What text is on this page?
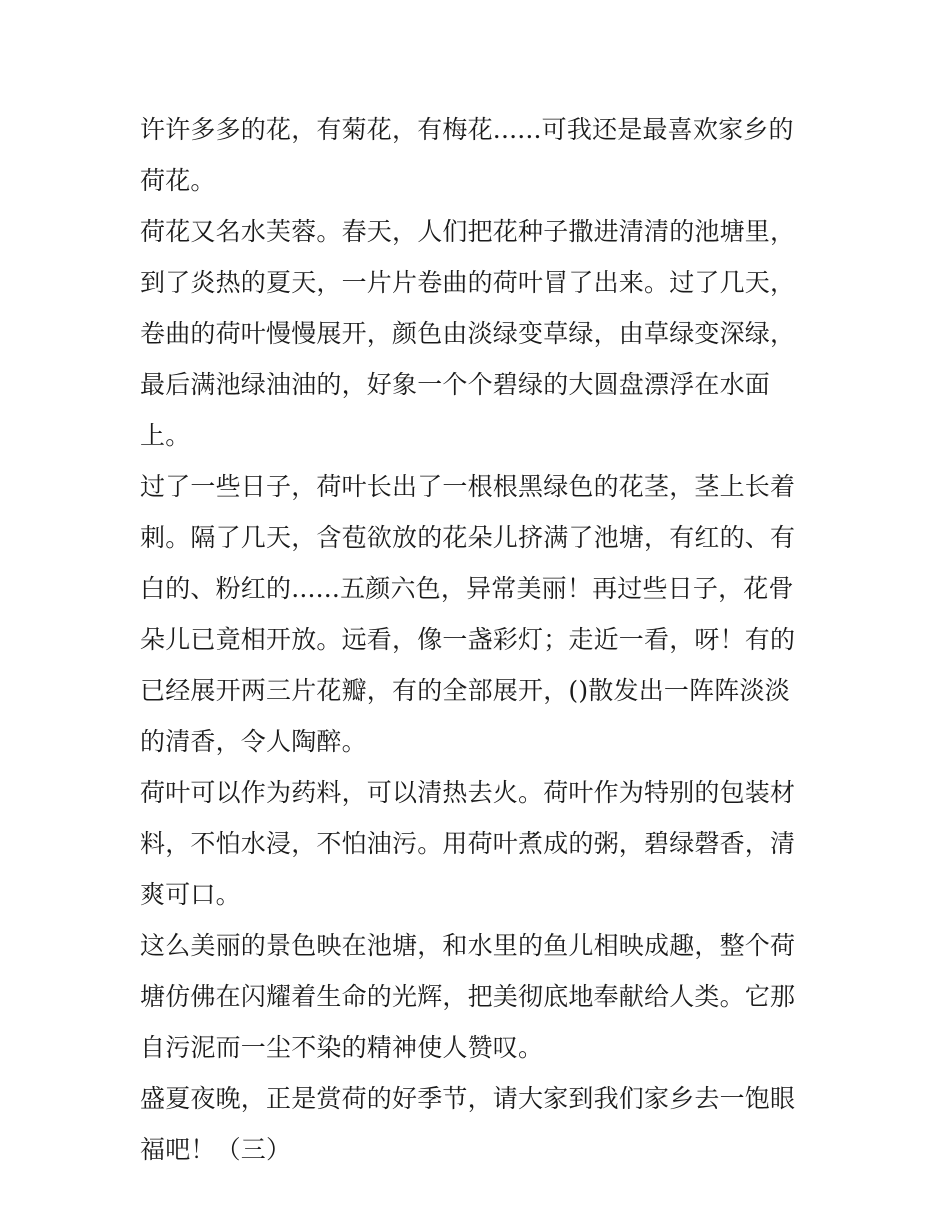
许许多多的花，有菊花，有梅花......可我还是最喜欢家乡的荷花。

荷花又名水芙蓉。春天，人们把花种子撒进清清的池塘里，到了炎热的夏天，一片片卷曲的荷叶冒了出来。过了几天，卷曲的荷叶慢慢展开，颜色由淡绿变草绿，由草绿变深绿，最后满池绿油油的，好象一个个碧绿的大圆盘漂浮在水面上。

过了一些日子，荷叶长出了一根根黑绿色的花茎，茎上长着刺。隔了几天，含苞欲放的花朵儿挤满了池塘，有红的、有白的、粉红的......五颜六色，异常美丽！再过些日子，花骨朵儿已竟相开放。远看，像一盏彩灯；走近一看，呀！有的已经展开两三片花瓣，有的全部展开，()散发出一阵阵淡淡的清香，令人陶醉。

荷叶可以作为药料，可以清热去火。荷叶作为特别的包装材料，不怕水浸，不怕油污。用荷叶煮成的粥，碧绿磬香，清爽可口。

这么美丽的景色映在池塘，和水里的鱼儿相映成趣，整个荷塘仿佛在闪耀着生命的光辉，把美彻底地奉献给人类。它那自污泥而一尘不染的精神使人赞叹。

盛夏夜晚，正是赏荷的好季节，请大家到我们家乡去一饱眼福吧！（三）
